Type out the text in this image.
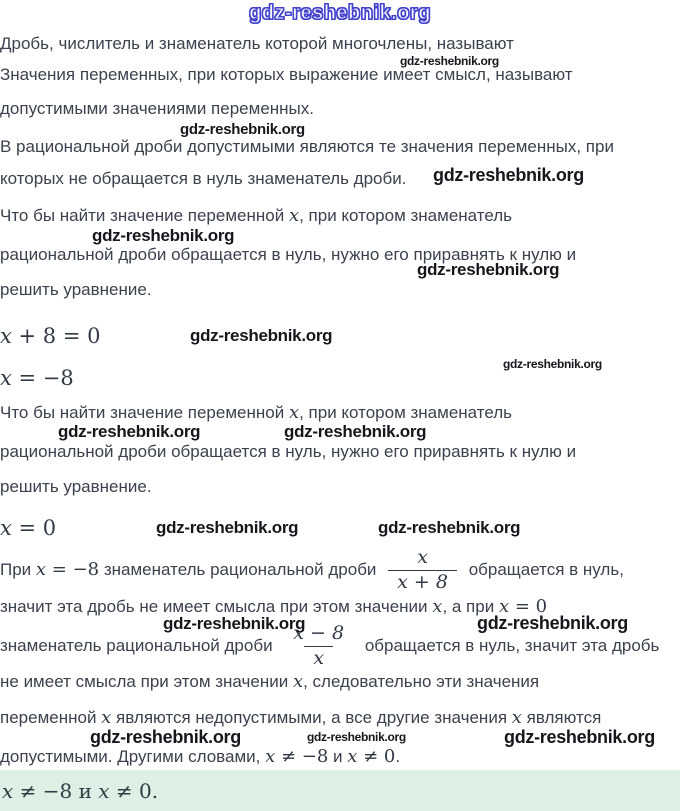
gdz-reshebnik.org
Дробь, числитель и знаменатель которой многочлены, называют
Значения переменных, при которых выражение имеет смысл, называют
допустимыми значениями переменных.
В рациональной дроби допустимыми являются те значения переменных, при
которых не обращается в нуль знаменатель дроби.
Что бы найти значение переменной x, при котором знаменатель
рациональной дроби обращается в нуль, нужно его приравнять к нулю и
решить уравнение.
x + 8 = 0
x = −8
Что бы найти значение переменной x, при котором знаменатель
рациональной дроби обращается в нуль, нужно его приравнять к нулю и
решить уравнение.
x = 0
При x = −8 знаменатель рациональной дроби $\frac{x}{x + 8}$ обращается в нуль,
значит эта дробь не имеет смысла при этом значении x, а при x = 0
знаменатель рациональной дроби $\frac{x - 8}{x}$ обращается в нуль, значит эта дробь
не имеет смысла при этом значении x, следовательно эти значения
переменной x являются недопустимыми, а все другие значения x являются
допустимыми. Другими словами, x ≠ −8 и x ≠ 0.
x ≠ −8 и x ≠ 0.
gdz-reshebnik.org
gdz-reshebnik.org
gdz-reshebnik.org
gdz-reshebnik.org
gdz-reshebnik.org
gdz-reshebnik.org
gdz-reshebnik.org
gdz-reshebnik.org	gdz-reshebnik.org
gdz-reshebnik.org	gdz-reshebnik.org
gdz-reshebnik.org	gdz-reshebnik.org
gdz-reshebnik.org	gdz-reshebnik.org	gdz-reshebnik.org
